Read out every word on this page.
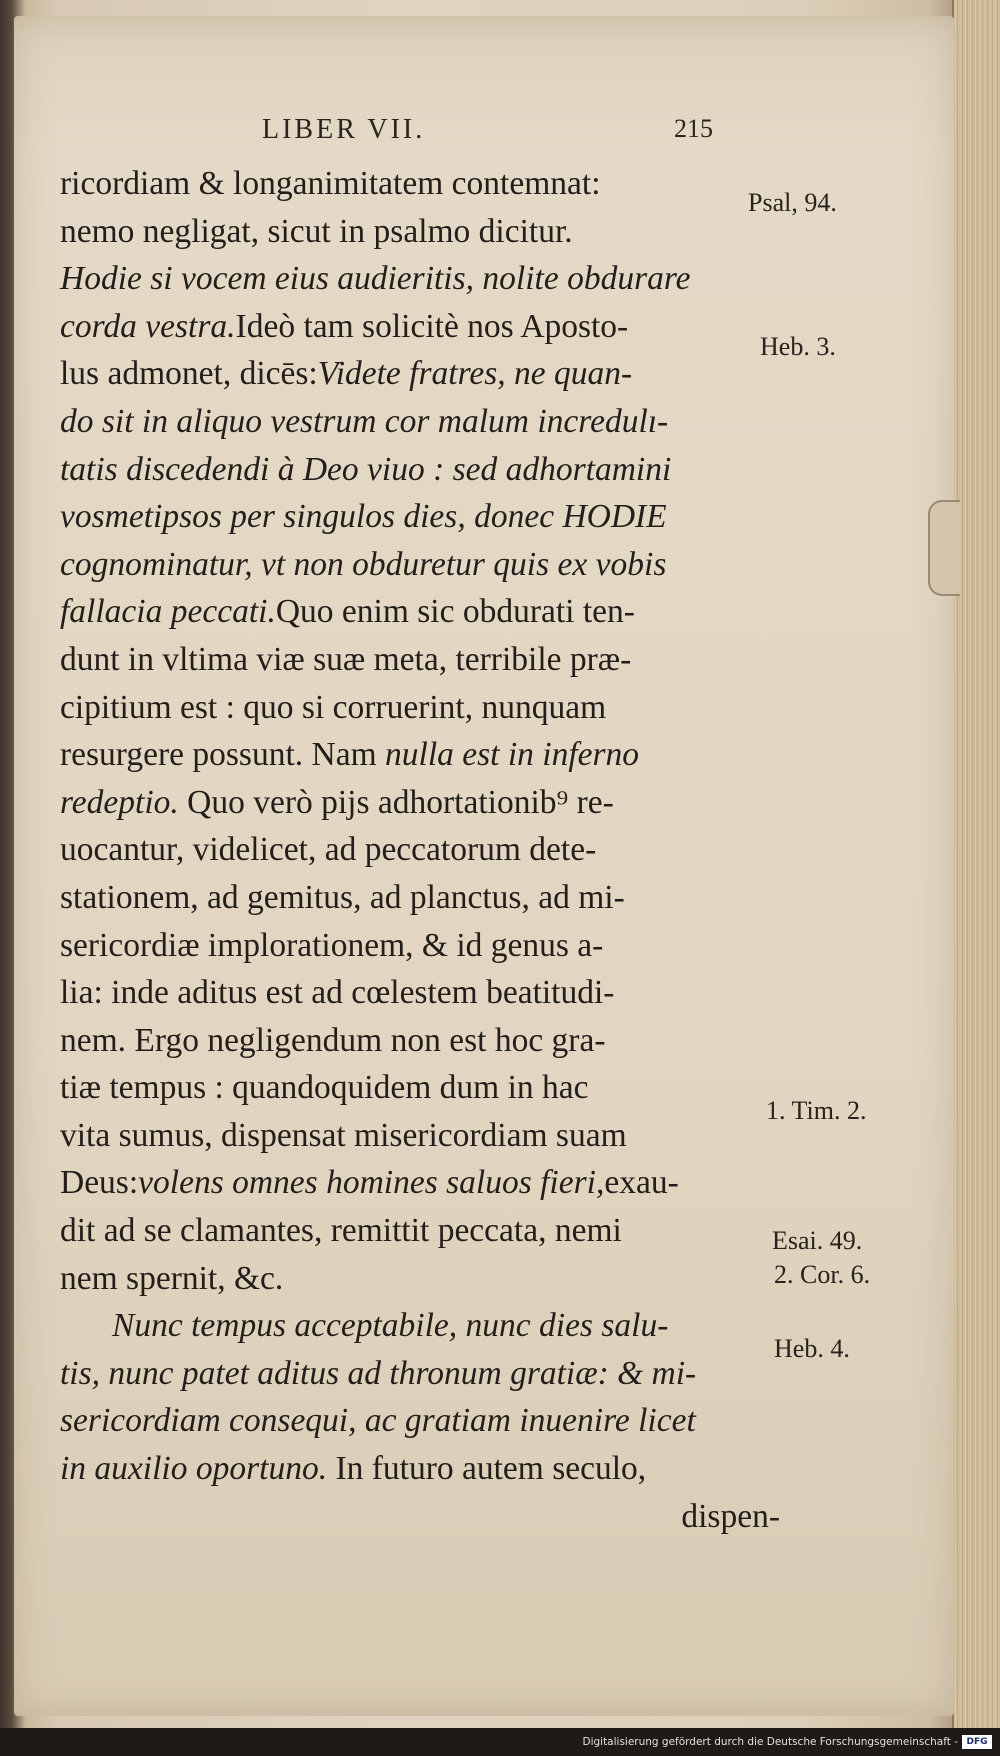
LIBER VII.	215
ricordiam & longanimitatem contemnat:
nemo negligat, sicut in psalmo dicitur.
Hodie si vocem eius audieritis, nolite obdurare
corda vestra.Ideò tam solicitè nos Aposto-
lus admonet, dicēs:Videte fratres, ne quan-
do sit in aliquo vestrum cor malum incredulı-
tatis discedendi à Deo viuo : sed adhortamini
vosmetipsos per singulos dies, donec HODIE
cognominatur, vt non obduretur quis ex vobis
fallacia peccati.Quo enim sic obdurati ten-
dunt in vltima viæ suæ meta, terribile præ-
cipitium est : quo si corruerint, nunquam
resurgere possunt. Nam nulla est in inferno
redeptio. Quo verò pijs adhortationib⁹ re-
uocantur, videlicet, ad peccatorum dete-
stationem, ad gemitus, ad planctus, ad mi-
sericordiæ implorationem, & id genus a-
lia: inde aditus est ad cœlestem beatitudi-
nem. Ergo negligendum non est hoc gra-
tiæ tempus : quandoquidem dum in hac
vita sumus, dispensat misericordiam suam
Deus:volens omnes homines saluos fieri,exau-
dit ad se clamantes, remittit peccata, nemi
nem spernit, &c.
Nunc tempus acceptabile, nunc dies salu-
tis, nunc patet aditus ad thronum gratiæ: & mi-
sericordiam consequi, ac gratiam inuenire licet
in auxilio oportuno. In futuro autem seculo,
dispen-
Psal, 94.
Heb. 3.
1. Tim. 2.
Esai. 49.
2. Cor. 6.
Heb. 4.
Digitalisierung gefördert durch die Deutsche Forschungsgemeinschaft - DFG
